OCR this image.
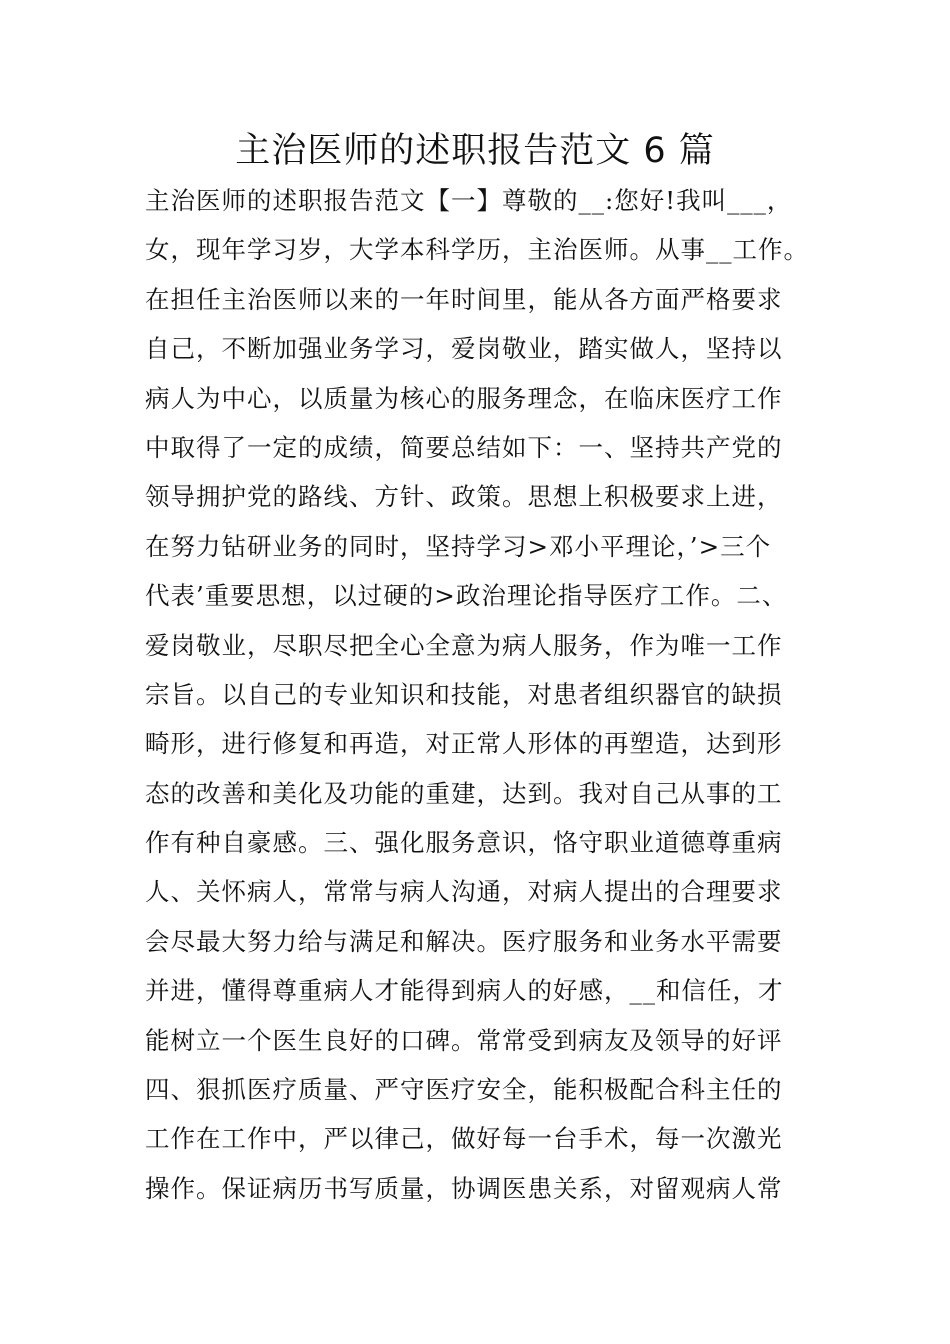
主治医师的述职报告范文 6 篇
主治医师的述职报告范文【一】尊敬的__:您好!我叫___，
女，现年学习岁，大学本科学历，主治医师。从事__工作。
在担任主治医师以来的一年时间里，能从各方面严格要求
自己，不断加强业务学习，爱岗敬业，踏实做人，坚持以
病人为中心，以质量为核心的服务理念，在临床医疗工作
中取得了一定的成绩，简要总结如下：一、坚持共产党的
领导拥护党的路线、方针、政策。思想上积极要求上进，
在努力钻研业务的同时，坚持学习>邓小平理论，’>三个
代表’重要思想，以过硬的>政治理论指导医疗工作。二、
爱岗敬业，尽职尽把全心全意为病人服务，作为唯一工作
宗旨。以自己的专业知识和技能，对患者组织器官的缺损
畸形，进行修复和再造，对正常人形体的再塑造，达到形
态的改善和美化及功能的重建，达到。我对自己从事的工
作有种自豪感。三、强化服务意识，恪守职业道德尊重病
人、关怀病人，常常与病人沟通，对病人提出的合理要求
会尽最大努力给与满足和解决。医疗服务和业务水平需要
并进，懂得尊重病人才能得到病人的好感，__和信任，才
能树立一个医生良好的口碑。常常受到病友及领导的好评
四、狠抓医疗质量、严守医疗安全，能积极配合科主任的
工作在工作中，严以律己，做好每一台手术，每一次激光
操作。保证病历书写质量，协调医患关系，对留观病人常
